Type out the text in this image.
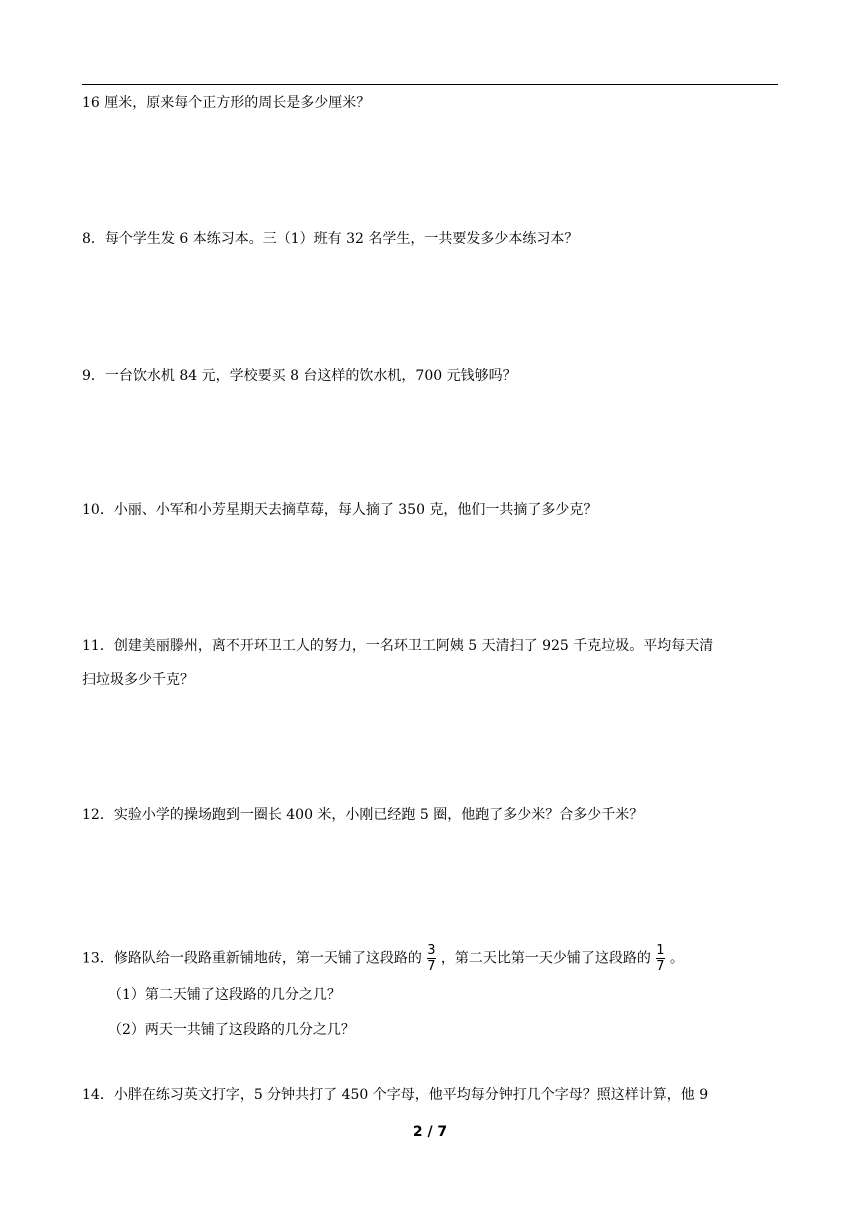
16 厘米，原来每个正方形的周长是多少厘米？
8．每个学生发 6 本练习本。三（1）班有 32 名学生，一共要发多少本练习本？
9．一台饮水机 84 元，学校要买 8 台这样的饮水机，700 元钱够吗？
10．小丽、小军和小芳星期天去摘草莓，每人摘了 350 克，他们一共摘了多少克？
11．创建美丽滕州，离不开环卫工人的努力，一名环卫工阿姨 5 天清扫了 925 千克垃圾。平均每天清
扫垃圾多少千克？
12．实验小学的操场跑到一圈长 400 米，小刚已经跑 5 圈，他跑了多少米？合多少千米？
13．修路队给一段路重新铺地砖，第一天铺了这段路的 $\frac{3}{7}$ ，第二天比第一天少铺了这段路的 $\frac{1}{7}$ 。
（1）第二天铺了这段路的几分之几？
（2）两天一共铺了这段路的几分之几？
14．小胖在练习英文打字，5 分钟共打了 450 个字母，他平均每分钟打几个字母？照这样计算，他 9
2 / 7
